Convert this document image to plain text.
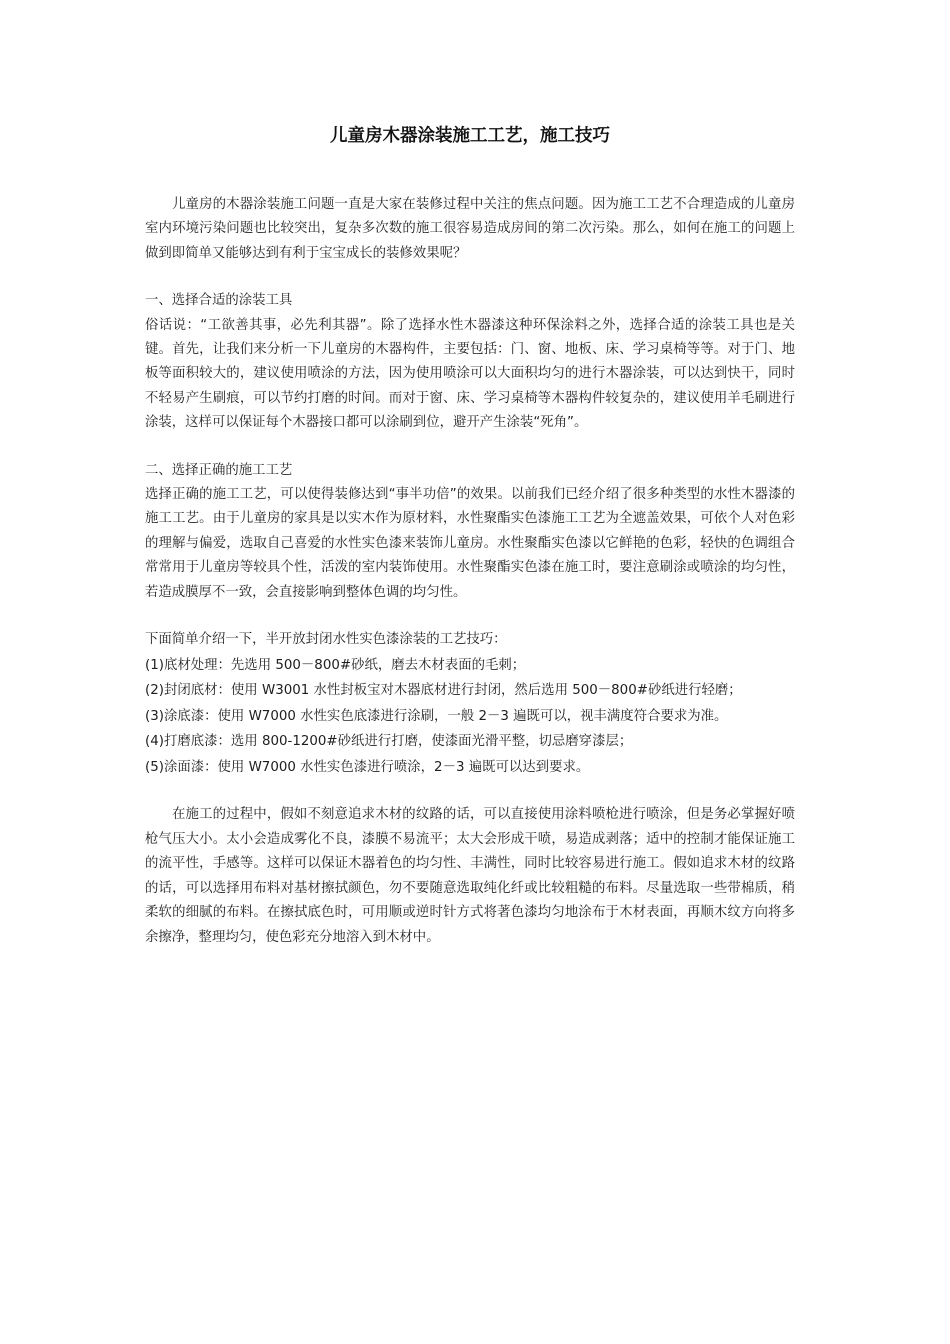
儿童房木器涂装施工工艺，施工技巧

儿童房的木器涂装施工问题一直是大家在装修过程中关注的焦点问题。因为施工工艺不合理造成的儿童房室内环境污染问题也比较突出，复杂多次数的施工很容易造成房间的第二次污染。那么，如何在施工的问题上做到即简单又能够达到有利于宝宝成长的装修效果呢？

一、选择合适的涂装工具

俗话说：“工欲善其事，必先利其器”。除了选择水性木器漆这种环保涂料之外，选择合适的涂装工具也是关键。首先，让我们来分析一下儿童房的木器构件，主要包括：门、窗、地板、床、学习桌椅等等。对于门、地板等面积较大的，建议使用喷涂的方法，因为使用喷涂可以大面积均匀的进行木器涂装，可以达到快干，同时不轻易产生刷痕，可以节约打磨的时间。而对于窗、床、学习桌椅等木器构件较复杂的，建议使用羊毛刷进行涂装，这样可以保证每个木器接口都可以涂刷到位，避开产生涂装“死角”。

二、选择正确的施工工艺

选择正确的施工工艺，可以使得装修达到“事半功倍”的效果。以前我们已经介绍了很多种类型的水性木器漆的施工工艺。由于儿童房的家具是以实木作为原材料，水性聚酯实色漆施工工艺为全遮盖效果，可依个人对色彩的理解与偏爱，选取自己喜爱的水性实色漆来装饰儿童房。水性聚酯实色漆以它鲜艳的色彩，轻快的色调组合常常用于儿童房等较具个性，活泼的室内装饰使用。水性聚酯实色漆在施工时，要注意刷涂或喷涂的均匀性，若造成膜厚不一致，会直接影响到整体色调的均匀性。

下面简单介绍一下，半开放封闭水性实色漆涂装的工艺技巧：

(1)底材处理：先选用 500－800#砂纸，磨去木材表面的毛刺；

(2)封闭底材：使用 W3001 水性封板宝对木器底材进行封闭，然后选用 500－800#砂纸进行轻磨；

(3)涂底漆：使用 W7000 水性实色底漆进行涂刷，一般 2－3 遍既可以，视丰满度符合要求为准。

(4)打磨底漆：选用 800-1200#砂纸进行打磨，使漆面光滑平整，切忌磨穿漆层；

(5)涂面漆：使用 W7000 水性实色漆进行喷涂，2－3 遍既可以达到要求。

在施工的过程中，假如不刻意追求木材的纹路的话，可以直接使用涂料喷枪进行喷涂，但是务必掌握好喷枪气压大小。太小会造成雾化不良，漆膜不易流平；太大会形成干喷，易造成剥落；适中的控制才能保证施工的流平性，手感等。这样可以保证木器着色的均匀性、丰满性，同时比较容易进行施工。假如追求木材的纹路的话，可以选择用布料对基材擦拭颜色，勿不要随意选取纯化纤或比较粗糙的布料。尽量选取一些带棉质，稍柔软的细腻的布料。在擦拭底色时，可用顺或逆时针方式将著色漆均匀地涂布于木材表面，再顺木纹方向将多余擦净，整理均匀，使色彩充分地溶入到木材中。
